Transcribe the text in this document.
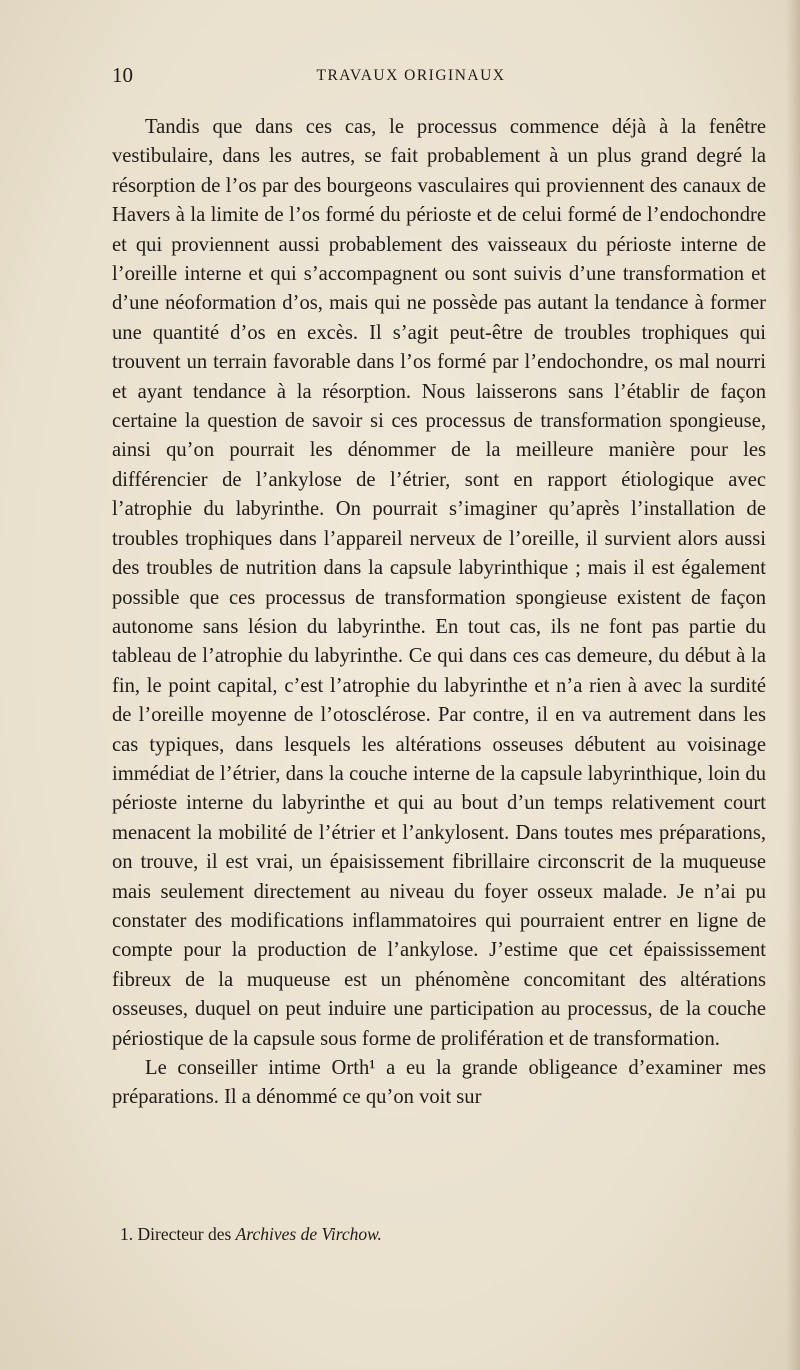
10	TRAVAUX ORIGINAUX

Tandis que dans ces cas, le processus commence déjà à la fenêtre vestibulaire, dans les autres, se fait probablement à un plus grand degré la résorption de l’os par des bourgeons vasculaires qui proviennent des canaux de Havers à la limite de l’os formé du périoste et de celui formé de l’endochondre et qui proviennent aussi probablement des vaisseaux du périoste interne de l’oreille interne et qui s’accompagnent ou sont suivis d’une transformation et d’une néoformation d’os, mais qui ne possède pas autant la tendance à former une quantité d’os en excès. Il s’agit peut-être de troubles trophiques qui trouvent un terrain favorable dans l’os formé par l’endochondre, os mal nourri et ayant tendance à la résorption. Nous laisserons sans l’établir de façon certaine la question de savoir si ces processus de transformation spongieuse, ainsi qu’on pourrait les dénommer de la meilleure manière pour les différencier de l’ankylose de l’étrier, sont en rapport étiologique avec l’atrophie du labyrinthe. On pourrait s’imaginer qu’après l’installation de troubles trophiques dans l’appareil nerveux de l’oreille, il survient alors aussi des troubles de nutrition dans la capsule labyrinthique ; mais il est également possible que ces processus de transformation spongieuse existent de façon autonome sans lésion du labyrinthe. En tout cas, ils ne font pas partie du tableau de l’atrophie du labyrinthe. Ce qui dans ces cas demeure, du début à la fin, le point capital, c’est l’atrophie du labyrinthe et n’a rien à avec la surdité de l’oreille moyenne de l’otosclérose. Par contre, il en va autrement dans les cas typiques, dans lesquels les altérations osseuses débutent au voisinage immédiat de l’étrier, dans la couche interne de la capsule labyrinthique, loin du périoste interne du labyrinthe et qui au bout d’un temps relativement court menacent la mobilité de l’étrier et l’ankylosent. Dans toutes mes préparations, on trouve, il est vrai, un épaisissement fibrillaire circonscrit de la muqueuse mais seulement directement au niveau du foyer osseux malade. Je n’ai pu constater des modifications inflammatoires qui pourraient entrer en ligne de compte pour la production de l’ankylose. J’estime que cet épaississement fibreux de la muqueuse est un phénomène concomitant des altérations osseuses, duquel on peut induire une participation au processus, de la couche périostique de la capsule sous forme de prolifération et de transformation.

Le conseiller intime Orth¹ a eu la grande obligeance d’examiner mes préparations. Il a dénommé ce qu’on voit sur

1. Directeur des Archives de Virchow.
